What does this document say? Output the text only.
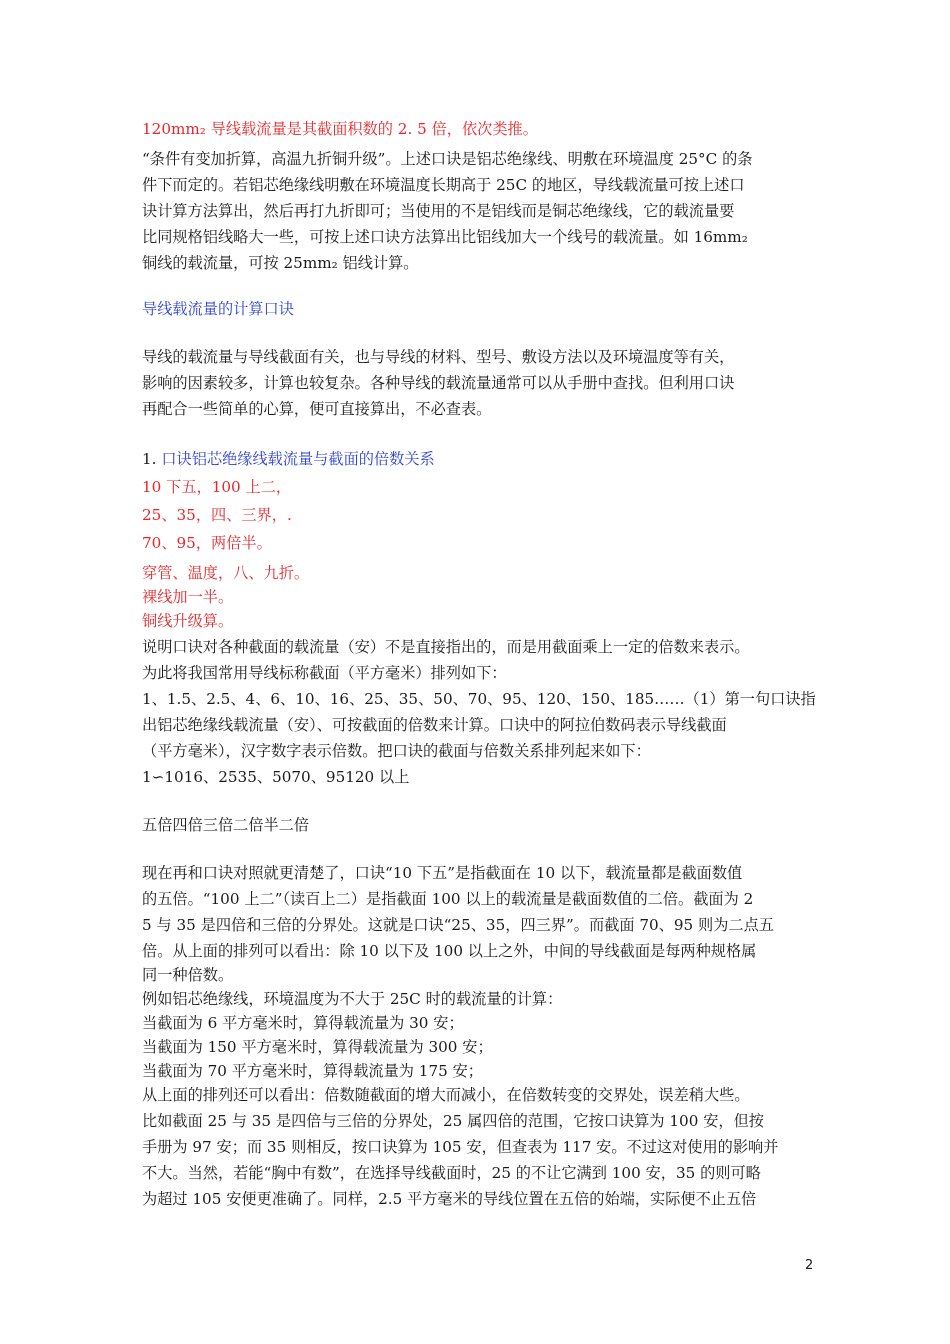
120mm₂ 导线载流量是其截面积数的 2. 5 倍，依次类推。
“条件有变加折算，高温九折铜升级”。上述口诀是铝芯绝缘线、明敷在环境温度 25°C 的条
件下而定的。若铝芯绝缘线明敷在环境温度长期高于 25C 的地区，导线载流量可按上述口
诀计算方法算出，然后再打九折即可；当使用的不是铝线而是铜芯绝缘线，它的载流量要
比同规格铝线略大一些，可按上述口诀方法算出比铝线加大一个线号的载流量。如 16mm₂
铜线的载流量，可按 25mm₂ 铝线计算。
导线载流量的计算口诀
导线的载流量与导线截面有关，也与导线的材料、型号、敷设方法以及环境温度等有关，
影响的因素较多，计算也较复杂。各种导线的载流量通常可以从手册中查找。但利用口诀
再配合一些简单的心算，便可直接算出，不必查表。
1. 口诀铝芯绝缘线载流量与截面的倍数关系
10 下五，100 上二，
25、35，四、三界，.
70、95，两倍半。
穿管、温度，八、九折。
裸线加一半。
铜线升级算。
说明口诀对各种截面的载流量（安）不是直接指出的，而是用截面乘上一定的倍数来表示。
为此将我国常用导线标称截面（平方毫米）排列如下：
1、1.5、2.5、4、6、10、16、25、35、50、70、95、120、150、185……（1）第一句口诀指
出铝芯绝缘线载流量（安）、可按截面的倍数来计算。口诀中的阿拉伯数码表示导线截面
（平方毫米），汉字数字表示倍数。把口诀的截面与倍数关系排列起来如下：
1∽1016、2535、5070、95120 以上
五倍四倍三倍二倍半二倍
现在再和口诀对照就更清楚了，口诀“10 下五”是指截面在 10 以下，载流量都是截面数值
的五倍。“100 上二”（读百上二）是指截面 100 以上的载流量是截面数值的二倍。截面为 2
5 与 35 是四倍和三倍的分界处。这就是口诀“25、35，四三界”。而截面 70、95 则为二点五
倍。从上面的排列可以看出：除 10 以下及 100 以上之外，中间的导线截面是每两种规格属
同一种倍数。
例如铝芯绝缘线，环境温度为不大于 25C 时的载流量的计算：
当截面为 6 平方毫米时，算得载流量为 30 安；
当截面为 150 平方毫米时，算得载流量为 300 安；
当截面为 70 平方毫米时，算得载流量为 175 安；
从上面的排列还可以看出：倍数随截面的增大而减小，在倍数转变的交界处，误差稍大些。
比如截面 25 与 35 是四倍与三倍的分界处，25 属四倍的范围，它按口诀算为 100 安，但按
手册为 97 安；而 35 则相反，按口诀算为 105 安，但查表为 117 安。不过这对使用的影响并
不大。当然，若能“胸中有数”，在选择导线截面时，25 的不让它满到 100 安，35 的则可略
为超过 105 安便更准确了。同样，2.5 平方毫米的导线位置在五倍的始端，实际便不止五倍
2
